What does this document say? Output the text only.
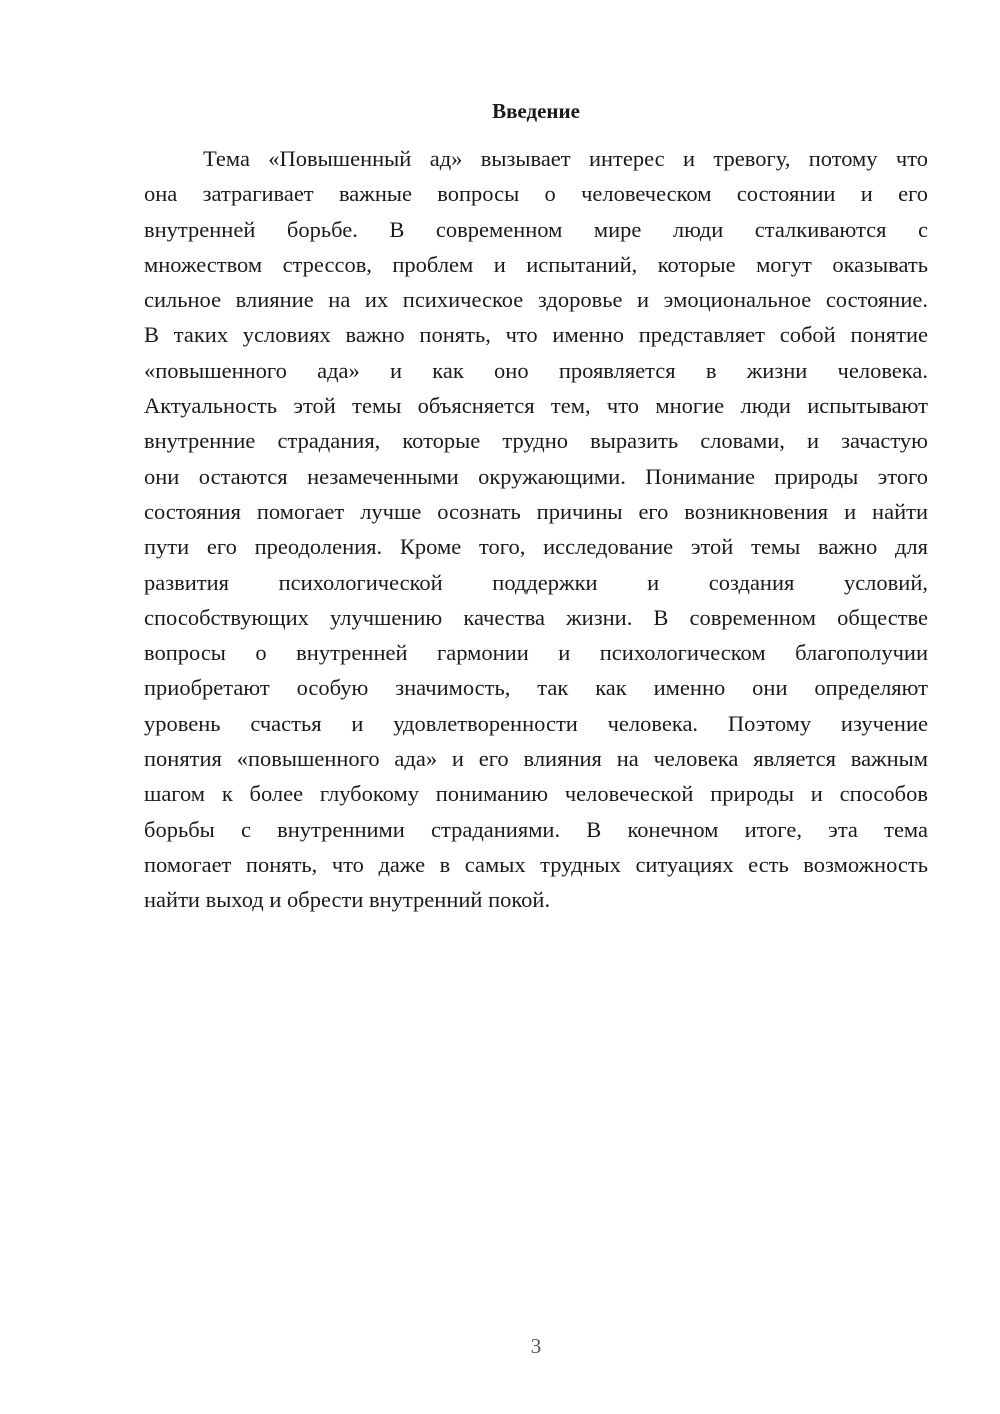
Введение
Тема «Повышенный ад» вызывает интерес и тревогу, потому что
она затрагивает важные вопросы о человеческом состоянии и его
внутренней борьбе. В современном мире люди сталкиваются с
множеством стрессов, проблем и испытаний, которые могут оказывать
сильное влияние на их психическое здоровье и эмоциональное состояние.
В таких условиях важно понять, что именно представляет собой понятие
«повышенного ада» и как оно проявляется в жизни человека.
Актуальность этой темы объясняется тем, что многие люди испытывают
внутренние страдания, которые трудно выразить словами, и зачастую
они остаются незамеченными окружающими. Понимание природы этого
состояния помогает лучше осознать причины его возникновения и найти
пути его преодоления. Кроме того, исследование этой темы важно для
развития психологической поддержки и создания условий,
способствующих улучшению качества жизни. В современном обществе
вопросы о внутренней гармонии и психологическом благополучии
приобретают особую значимость, так как именно они определяют
уровень счастья и удовлетворенности человека. Поэтому изучение
понятия «повышенного ада» и его влияния на человека является важным
шагом к более глубокому пониманию человеческой природы и способов
борьбы с внутренними страданиями. В конечном итоге, эта тема
помогает понять, что даже в самых трудных ситуациях есть возможность
найти выход и обрести внутренний покой.
3
